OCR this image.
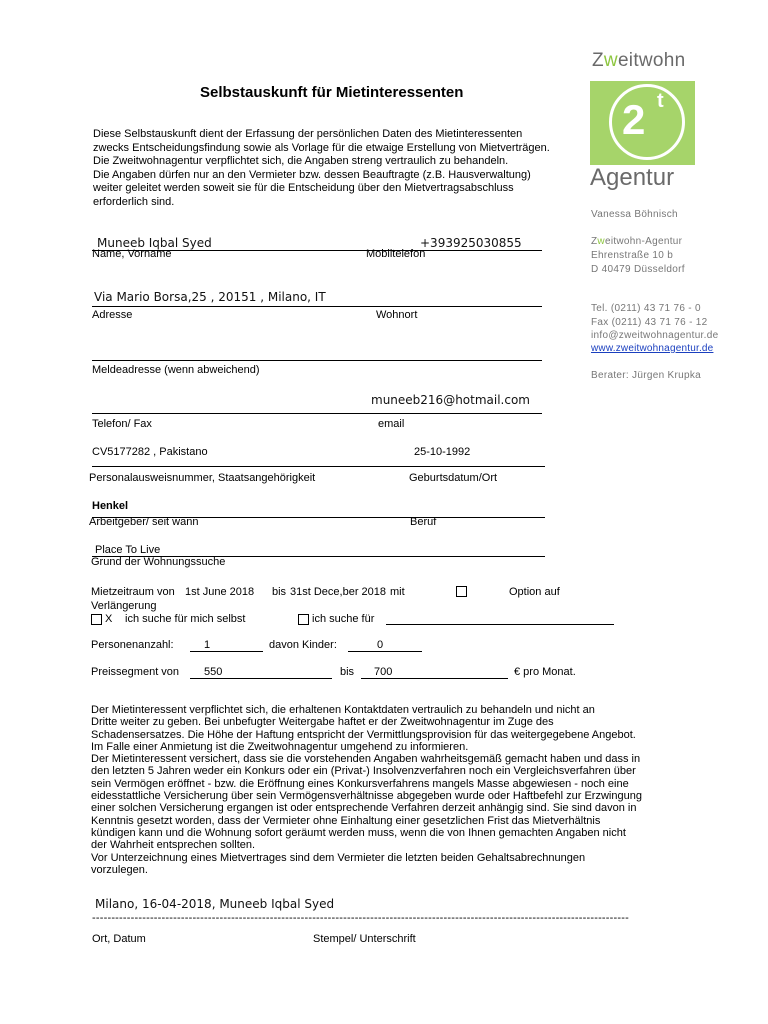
Selbstauskunft für Mietinteressenten
Diese Selbstauskunft dient der Erfassung der persönlichen Daten des Mietinteressenten
zwecks Entscheidungsfindung sowie als Vorlage für die etwaige Erstellung von Mietverträgen.
Die Zweitwohnagentur verpflichtet sich, die Angaben streng vertraulich zu behandeln.
Die Angaben dürfen nur an den Vermieter bzw. dessen Beauftragte (z.B. Hausverwaltung)
weiter geleitet werden soweit sie für die Entscheidung über den Mietvertragsabschluss
erforderlich sind.
Zweitwohn
2 t
Agentur
Vanessa Böhnisch
Zweitwohn-Agentur
Ehrenstraße 10 b
D 40479 Düsseldorf
Tel. (0211) 43 71 76 - 0
Fax (0211) 43 71 76 - 12
info@zweitwohnagentur.de
www.zweitwohnagentur.de
Berater: Jürgen Krupka
Muneeb Iqbal Syed	+393925030855
Name, Vorname	Mobiltelefon
Via Mario Borsa,25 , 20151 , Milano, IT
Adresse	Wohnort
Meldeadresse (wenn abweichend)
muneeb216@hotmail.com
Telefon/ Fax	email
CV5177282 , Pakistano	25-10-1992
Personalausweisnummer, Staatsangehörigkeit	Geburtsdatum/Ort
Henkel
Arbeitgeber/ seit wann	Beruf
Place To Live
Grund der Wohnungssuche
Mietzeitraum von 1st June 2018 bis 31st Dece,ber 2018 mit	Option auf
Verlängerung
X ich suche für mich selbst	ich suche für
Personenanzahl:	1	davon Kinder:	0
Preissegment von 550	bis 700	€ pro Monat.
Der Mietinteressent verpflichtet sich, die erhaltenen Kontaktdaten vertraulich zu behandeln und nicht an
Dritte weiter zu geben. Bei unbefugter Weitergabe haftet er der Zweitwohnagentur im Zuge des
Schadensersatzes. Die Höhe der Haftung entspricht der Vermittlungsprovision für das weitergegebene Angebot.
Im Falle einer Anmietung ist die Zweitwohnagentur umgehend zu informieren.
Der Mietinteressent versichert, dass sie die vorstehenden Angaben wahrheitsgemäß gemacht haben und dass in
den letzten 5 Jahren weder ein Konkurs oder ein (Privat-) Insolvenzverfahren noch ein Vergleichsverfahren über
sein Vermögen eröffnet - bzw. die Eröffnung eines Konkursverfahrens mangels Masse abgewiesen - noch eine
eidesstattliche Versicherung über sein Vermögensverhältnisse abgegeben wurde oder Haftbefehl zur Erzwingung
einer solchen Versicherung ergangen ist oder entsprechende Verfahren derzeit anhängig sind. Sie sind davon in
Kenntnis gesetzt worden, dass der Vermieter ohne Einhaltung einer gesetzlichen Frist das Mietverhältnis
kündigen kann und die Wohnung sofort geräumt werden muss, wenn die von Ihnen gemachten Angaben nicht
der Wahrheit entsprechen sollten.
Vor Unterzeichnung eines Mietvertrages sind dem Vermieter die letzten beiden Gehaltsabrechnungen
vorzulegen.
Milano, 16-04-2018, Muneeb Iqbal Syed
-------------------------------------------------------------------------------------------------------------------------------------------
Ort, Datum	Stempel/ Unterschrift
